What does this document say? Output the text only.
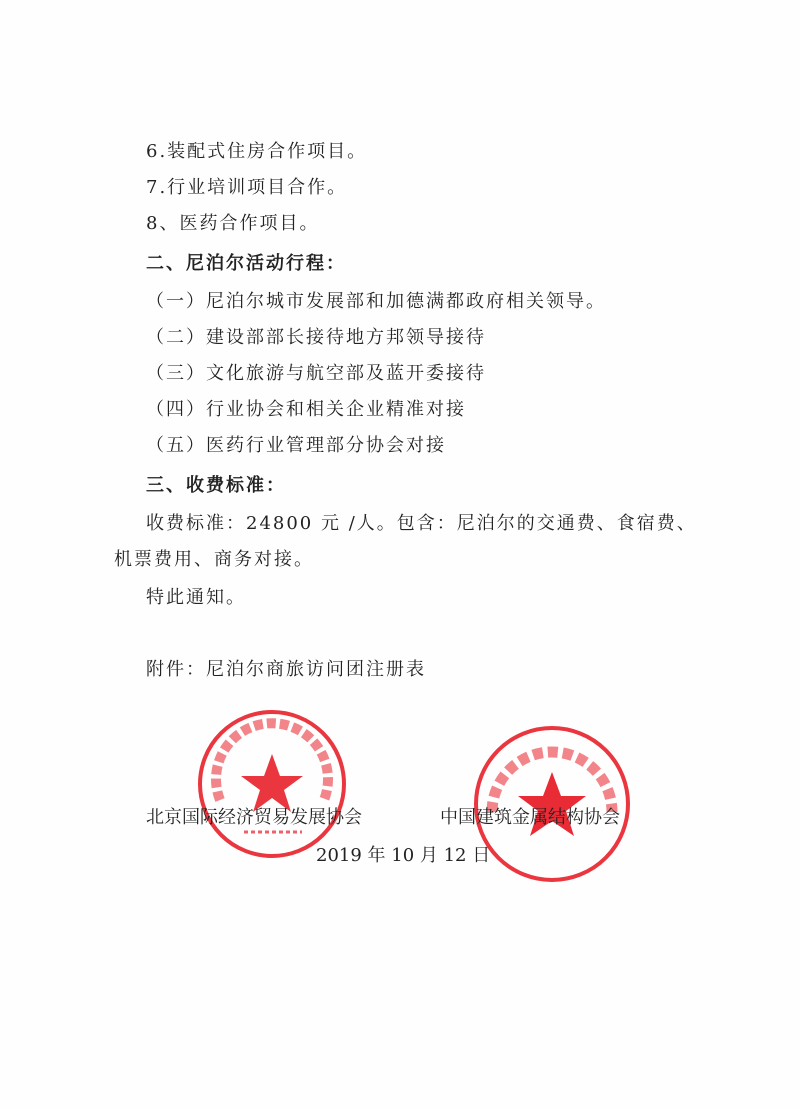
6.装配式住房合作项目。
7.行业培训项目合作。
8、医药合作项目。
二、尼泊尔活动行程：
（一）尼泊尔城市发展部和加德满都政府相关领导。
（二）建设部部长接待地方邦领导接待
（三）文化旅游与航空部及蓝开委接待
（四）行业协会和相关企业精准对接
（五）医药行业管理部分协会对接
三、收费标准：
收费标准：24800 元 /人。包含：尼泊尔的交通费、食宿费、
机票费用、商务对接。
特此通知。
附件：尼泊尔商旅访问团注册表
北京国际经济贸易发展协会	中国建筑金属结构协会
2019 年 10 月 12 日
